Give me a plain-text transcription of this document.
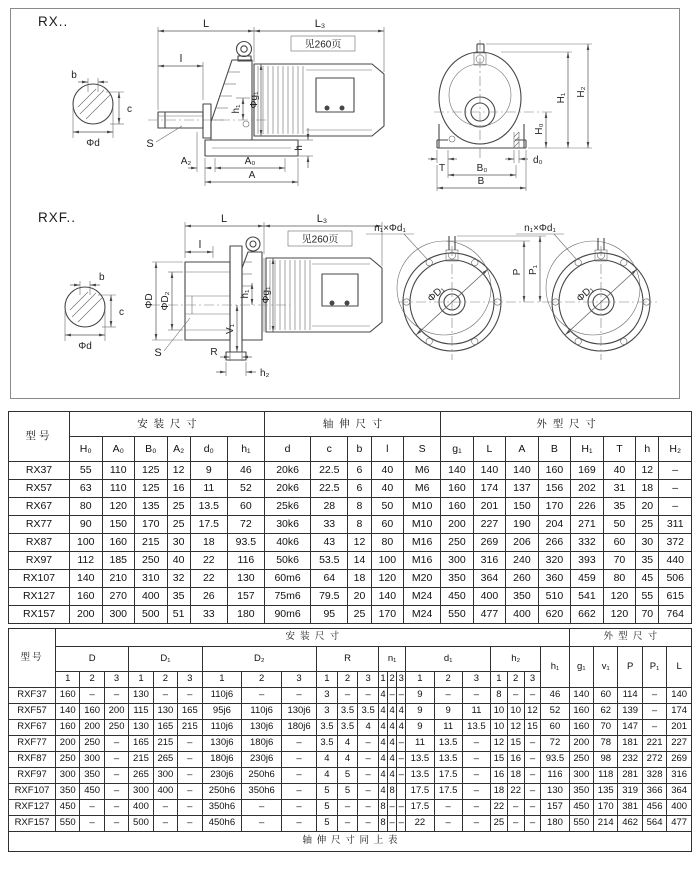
RX..
b
c
Φd
L	L₃
见260页
l
Φg₁
h₁
S	h
A₂	A₀
A
H₂
H₁
H₀
T
d₀
B₀
B
RXF..
b
c
Φd
L	L₃
见260页
l
Φg₁
h₁
V₁
ΦD ΦD₂
S	R
h₂
ΦD₁
n₁×Φd₁
P P₁
ΦD₁
n₁×Φd₁
型号	安装尺寸						轴伸尺寸					外型尺寸							
	H₀	A₀	B₀	A₂	d₀	h₁	d	c	b	l	S	g₁	L	A	B	H₁	T	h	H₂
RX37	55	110	125	12	9	46	20k6	22.5	6	40	M6	140	140	140	160	169	40	12	–
RX57	63	110	125	16	11	52	20k6	22.5	6	40	M6	160	174	137	156	202	31	18	–
RX67	80	120	135	25	13.5	60	25k6	28	8	50	M10	160	201	150	170	226	35	20	–
RX77	90	150	170	25	17.5	72	30k6	33	8	60	M10	200	227	190	204	271	50	25	311
RX87	100	160	215	30	18	93.5	40k6	43	12	80	M16	250	269	206	266	332	60	30	372
RX97	112	185	250	40	22	116	50k6	53.5	14	100	M16	300	316	240	320	393	70	35	440
RX107	140	210	310	32	22	130	60m6	64	18	120	M20	350	364	260	360	459	80	45	506
RX127	160	270	400	35	26	157	75m6	79.5	20	140	M24	450	400	350	510	541	120	55	615
RX157	200	300	500	51	33	180	90m6	95	25	170	M24	550	477	400	620	662	120	70	764
型号	安装尺寸																						外型尺寸				
	D			D₁			D₂			R			n₁			d₁			h₂			h₁	g₁	v₁	P	P₁	L
	1	2	3	1	2	3	1	2	3	1	2	3	1	2	3	1	2	3	1	2	3						
RXF37	160	–	–	130	–	–	110j6	–	–	3	–	–	4	–	–	9	–	–	8	–	–	46	140	60	114	–	140
RXF57	140	160	200	115	130	165	95j6	110j6	130j6	3	3.5	3.5	4	4	4	9	9	11	10	10	12	52	160	62	139	–	174
RXF67	160	200	250	130	165	215	110j6	130j6	180j6	3.5	3.5	4	4	4	4	9	11	13.5	10	12	15	60	160	70	147	–	201
RXF77	200	250	–	165	215	–	130j6	180j6	–	3.5	4	–	4	4	–	11	13.5	–	12	15	–	72	200	78	181	221	227
RXF87	250	300	–	215	265	–	180j6	230j6	–	4	4	–	4	4	–	13.5	13.5	–	15	16	–	93.5	250	98	232	272	269
RXF97	300	350	–	265	300	–	230j6	250h6	–	4	5	–	4	4	–	13.5	17.5	–	16	18	–	116	300	118	281	328	316
RXF107	350	450	–	300	400	–	250h6	350h6	–	5	5	–	4	8		17.5	17.5	–	18	22	–	130	350	135	319	366	364
RXF127	450	–	–	400	–	–	350h6	–	–	5	–	–	8	–	–	17.5	–	–	22	–	–	157	450	170	381	456	400
RXF157	550	–	–	500	–	–	450h6	–	–	5	–	–	8	–	–	22	–	–	25	–	–	180	550	214	462	564	477
轴伸尺寸同上表																											
